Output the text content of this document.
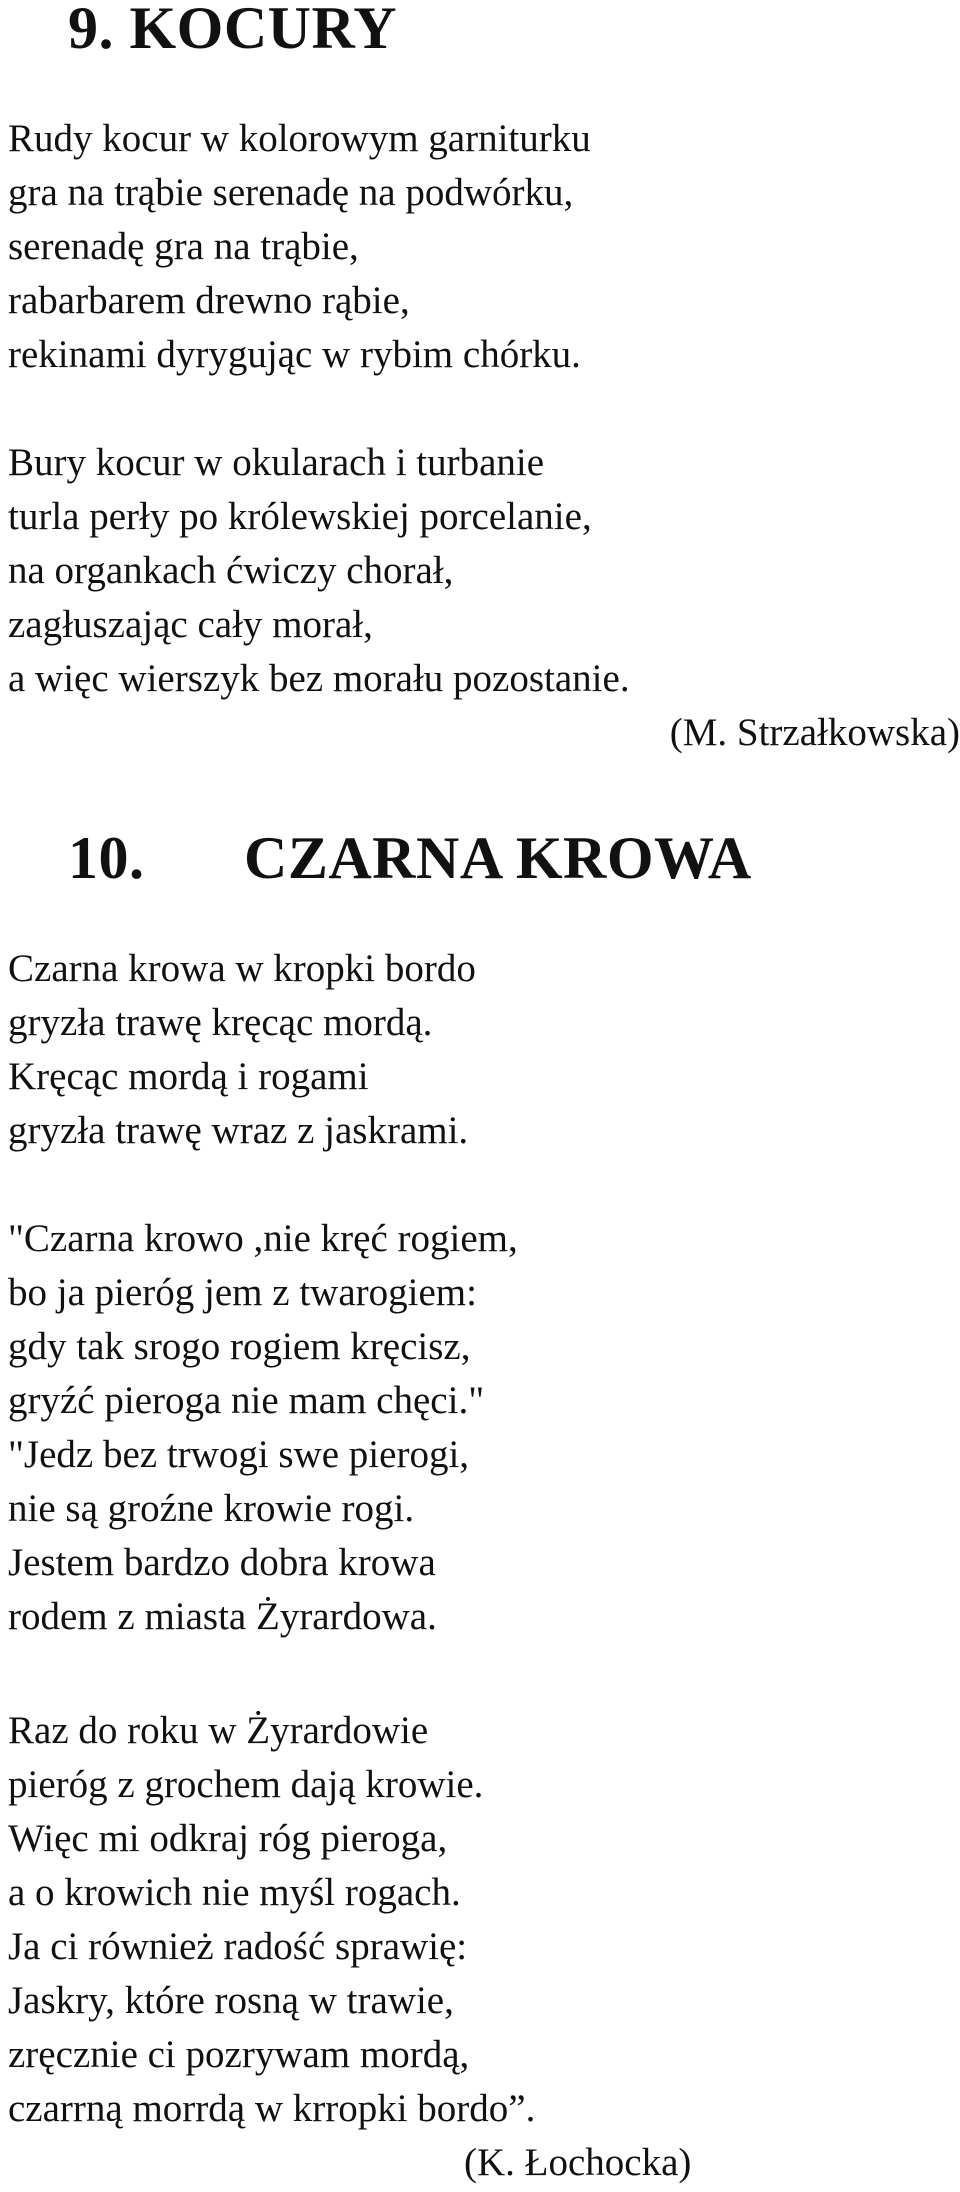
9. KOCURY

Rudy kocur w kolorowym garniturku
gra na trąbie serenadę na podwórku,
serenadę gra na trąbie,
rabarbarem drewno rąbie,
rekinami dyrygując w rybim chórku.

Bury kocur w okularach i turbanie
turla perły po królewskiej porcelanie,
na organkach ćwiczy chorał,
zagłuszając cały morał,
a więc wierszyk bez morału pozostanie.

(M. Strzałkowska)

10. CZARNA KROWA

Czarna krowa w kropki bordo
gryzła trawę kręcąc mordą.
Kręcąc mordą i rogami
gryzła trawę wraz z jaskrami.

"Czarna krowo ,nie kręć rogiem,
bo ja pieróg jem z twarogiem:
gdy tak srogo rogiem kręcisz,
gryźć pieroga nie mam chęci."
"Jedz bez trwogi swe pierogi,
nie są groźne krowie rogi.
Jestem bardzo dobra krowa
rodem z miasta Żyrardowa.

Raz do roku w Żyrardowie
pieróg z grochem dają krowie.
Więc mi odkraj róg pieroga,
a o krowich nie myśl rogach.
Ja ci również radość sprawię:
Jaskry, które rosną w trawie,
zręcznie ci pozrywam mordą,
czarrną morrdą w krropki bordo”.

(K. Łochocka)
